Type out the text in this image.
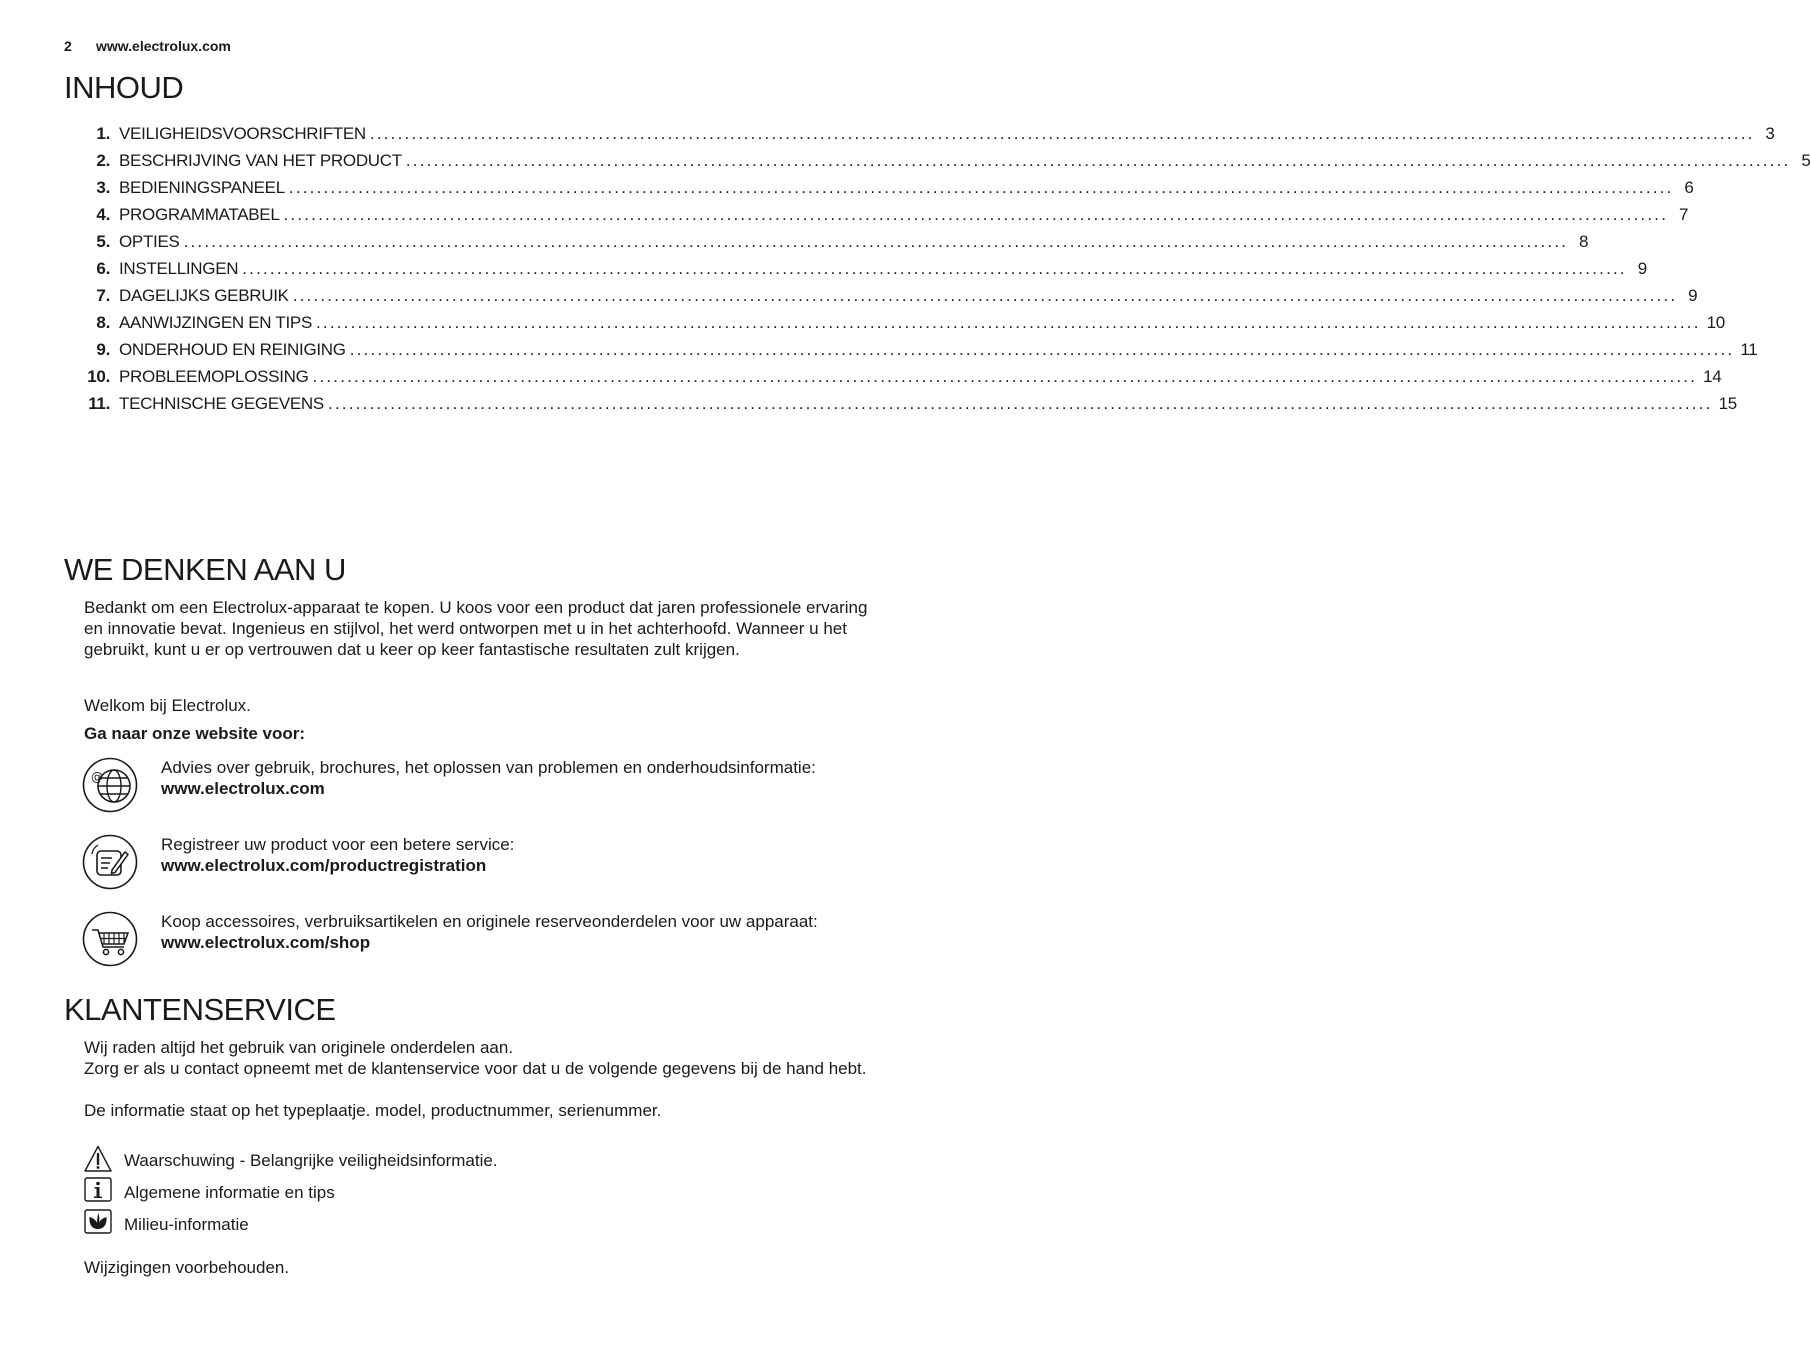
2 www.electrolux.com
INHOUD
1. VEILIGHEIDSVOORSCHRIFTEN ........................................................................................................................................................................................................ 3
2. BESCHRIJVING VAN HET PRODUCT ........................................................................................................................................................................................................ 5
3. BEDIENINGSPANEEL ........................................................................................................................................................................................................ 6
4. PROGRAMMATABEL ........................................................................................................................................................................................................ 7
5. OPTIES ........................................................................................................................................................................................................ 8
6. INSTELLINGEN ........................................................................................................................................................................................................ 9
7. DAGELIJKS GEBRUIK ........................................................................................................................................................................................................ 9
8. AANWIJZINGEN EN TIPS ........................................................................................................................................................................................................ 10
9. ONDERHOUD EN REINIGING ........................................................................................................................................................................................................ 11
10. PROBLEEMOPLOSSING ........................................................................................................................................................................................................ 14
11. TECHNISCHE GEGEVENS ........................................................................................................................................................................................................ 15
WE DENKEN AAN U

Bedankt om een Electrolux-apparaat te kopen. U koos voor een product dat jaren professionele ervaring en innovatie bevat. Ingenieus en stijlvol, het werd ontworpen met u in het achterhoofd. Wanneer u het gebruikt, kunt u er op vertrouwen dat u keer op keer fantastische resultaten zult krijgen.

Welkom bij Electrolux.

Ga naar onze website voor:

@	Advies over gebruik, brochures, het oplossen van problemen en onderhoudsinformatie:
www.electrolux.com
Registreer uw product voor een betere service:
www.electrolux.com/productregistration
Koop accessoires, verbruiksartikelen en originele reserveonderdelen voor uw apparaat:
www.electrolux.com/shop
KLANTENSERVICE

Wij raden altijd het gebruik van originele onderdelen aan.

Zorg er als u contact opneemt met de klantenservice voor dat u de volgende gegevens bij de hand hebt.

De informatie staat op het typeplaatje. model, productnummer, serienummer.

Waarschuwing - Belangrijke veiligheidsinformatie.
Algemene informatie en tips
Milieu-informatie

Wijzigingen voorbehouden.
